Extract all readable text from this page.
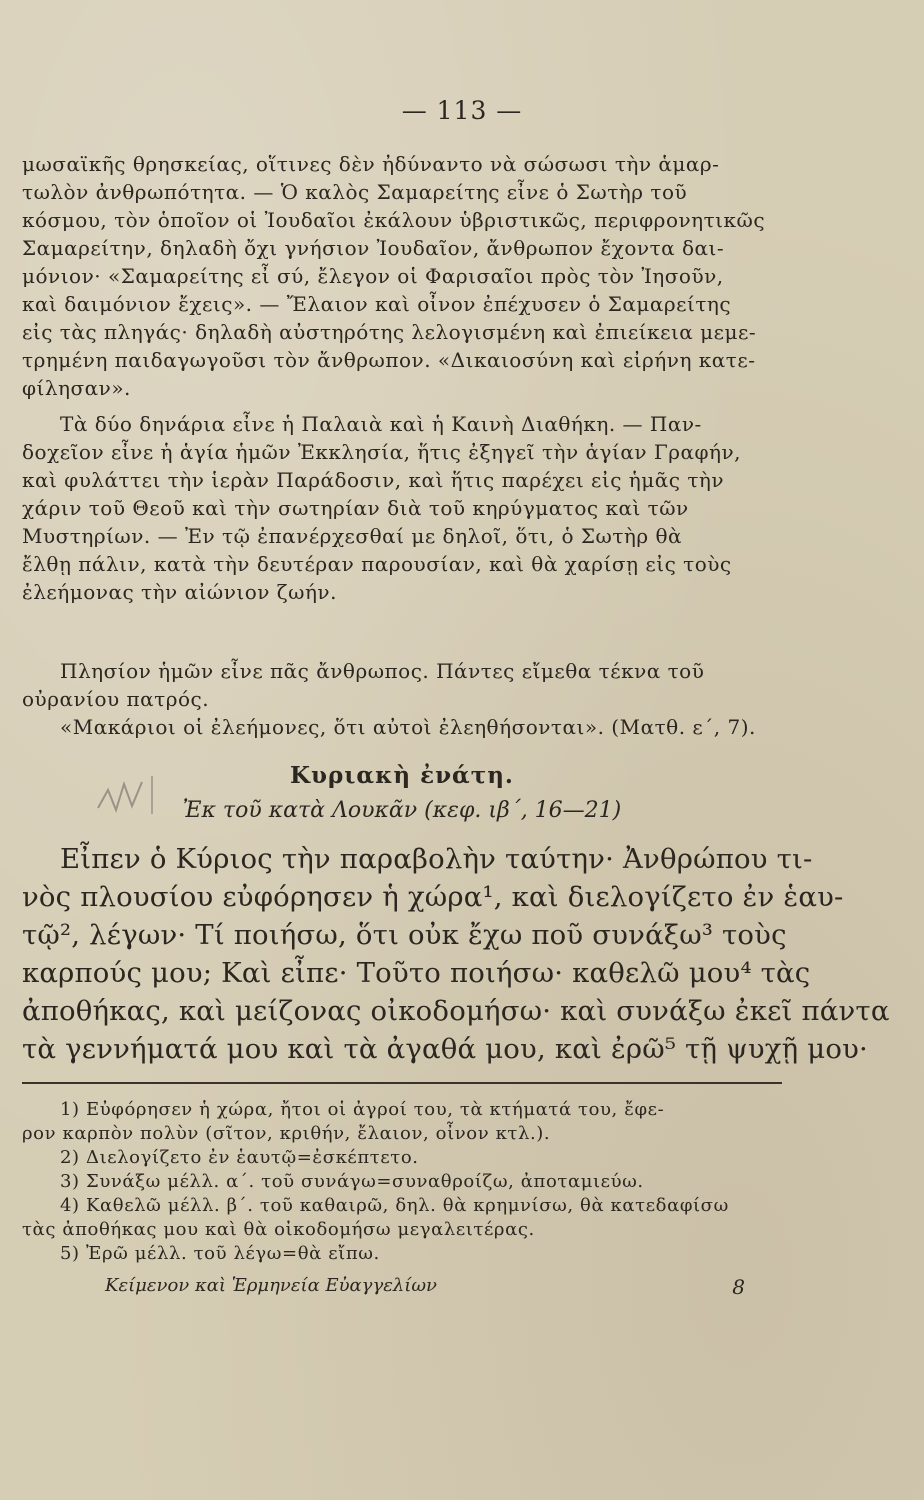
— 113 —
μωσαϊκῆς θρησκείας, οἵτινες δὲν ἠδύναντο νὰ σώσωσι τὴν ἁμαρ-
τωλὸν ἀνθρωπότητα. — Ὁ καλὸς Σαμαρείτης εἶνε ὁ Σωτὴρ τοῦ
κόσμου, τὸν ὁποῖον οἱ Ἰουδαῖοι ἐκάλουν ὑβριστικῶς, περιφρονητικῶς
Σαμαρείτην, δηλαδὴ ὄχι γνήσιον Ἰουδαῖον, ἄνθρωπον ἔχοντα δαι-
μόνιον· «Σαμαρείτης εἶ σύ, ἔλεγον οἱ Φαρισαῖοι πρὸς τὸν Ἰησοῦν,
καὶ δαιμόνιον ἔχεις». — Ἔλαιον καὶ οἶνον ἐπέχυσεν ὁ Σαμαρείτης
εἰς τὰς πληγάς· δηλαδὴ αὐστηρότης λελογισμένη καὶ ἐπιείκεια μεμε-
τρημένη παιδαγωγοῦσι τὸν ἄνθρωπον. «Δικαιοσύνη καὶ εἰρήνη κατε-
φίλησαν».
Τὰ δύο δηνάρια εἶνε ἡ Παλαιὰ καὶ ἡ Καινὴ Διαθήκη. — Παν-
δοχεῖον εἶνε ἡ ἁγία ἡμῶν Ἐκκλησία, ἥτις ἐξηγεῖ τὴν ἁγίαν Γραφήν,
καὶ φυλάττει τὴν ἱερὰν Παράδοσιν, καὶ ἥτις παρέχει εἰς ἡμᾶς τὴν
χάριν τοῦ Θεοῦ καὶ τὴν σωτηρίαν διὰ τοῦ κηρύγματος καὶ τῶν
Μυστηρίων. — Ἐν τῷ ἐπανέρχεσθαί με δηλοῖ, ὅτι, ὁ Σωτὴρ θὰ
ἔλθῃ πάλιν, κατὰ τὴν δευτέραν παρουσίαν, καὶ θὰ χαρίσῃ εἰς τοὺς
ἐλεήμονας τὴν αἰώνιον ζωήν.
Πλησίον ἡμῶν εἶνε πᾶς ἄνθρωπος. Πάντες εἴμεθα τέκνα τοῦ
οὐρανίου πατρός.
«Μακάριοι οἱ ἐλεήμονες, ὅτι αὐτοὶ ἐλεηθήσονται». (Ματθ. ε΄, 7).
Κυριακὴ ἐνάτη.
Ἐκ τοῦ κατὰ Λουκᾶν (κεφ. ιβ΄, 16—21)
Εἶπεν ὁ Κύριος τὴν παραβολὴν ταύτην· Ἀνθρώπου τι-
νὸς πλουσίου εὐφόρησεν ἡ χώρα¹, καὶ διελογίζετο ἐν ἑαυ-
τῷ², λέγων· Τί ποιήσω, ὅτι οὐκ ἔχω ποῦ συνάξω³ τοὺς
καρπούς μου; Καὶ εἶπε· Τοῦτο ποιήσω· καθελῶ μου⁴ τὰς
ἀποθήκας, καὶ μείζονας οἰκοδομήσω· καὶ συνάξω ἐκεῖ πάντα
τὰ γεννήματά μου καὶ τὰ ἀγαθά μου, καὶ ἐρῶ⁵ τῇ ψυχῇ μου·
1) Εὐφόρησεν ἡ χώρα, ἤτοι οἱ ἀγροί του, τὰ κτήματά του, ἔφε-
ρον καρπὸν πολὺν (σῖτον, κριθήν, ἔλαιον, οἶνον κτλ.).
2) Διελογίζετο ἐν ἑαυτῷ=ἐσκέπτετο.
3) Συνάξω μέλλ. α΄. τοῦ συνάγω=συναθροίζω, ἀποταμιεύω.
4) Καθελῶ μέλλ. β΄. τοῦ καθαιρῶ, δηλ. θὰ κρημνίσω, θὰ κατεδαφίσω
τὰς ἀποθήκας μου καὶ θὰ οἰκοδομήσω μεγαλειτέρας.
5) Ἐρῶ μέλλ. τοῦ λέγω=θὰ εἴπω.
Κείμενον καὶ Ἑρμηνεία Εὐαγγελίων	8
